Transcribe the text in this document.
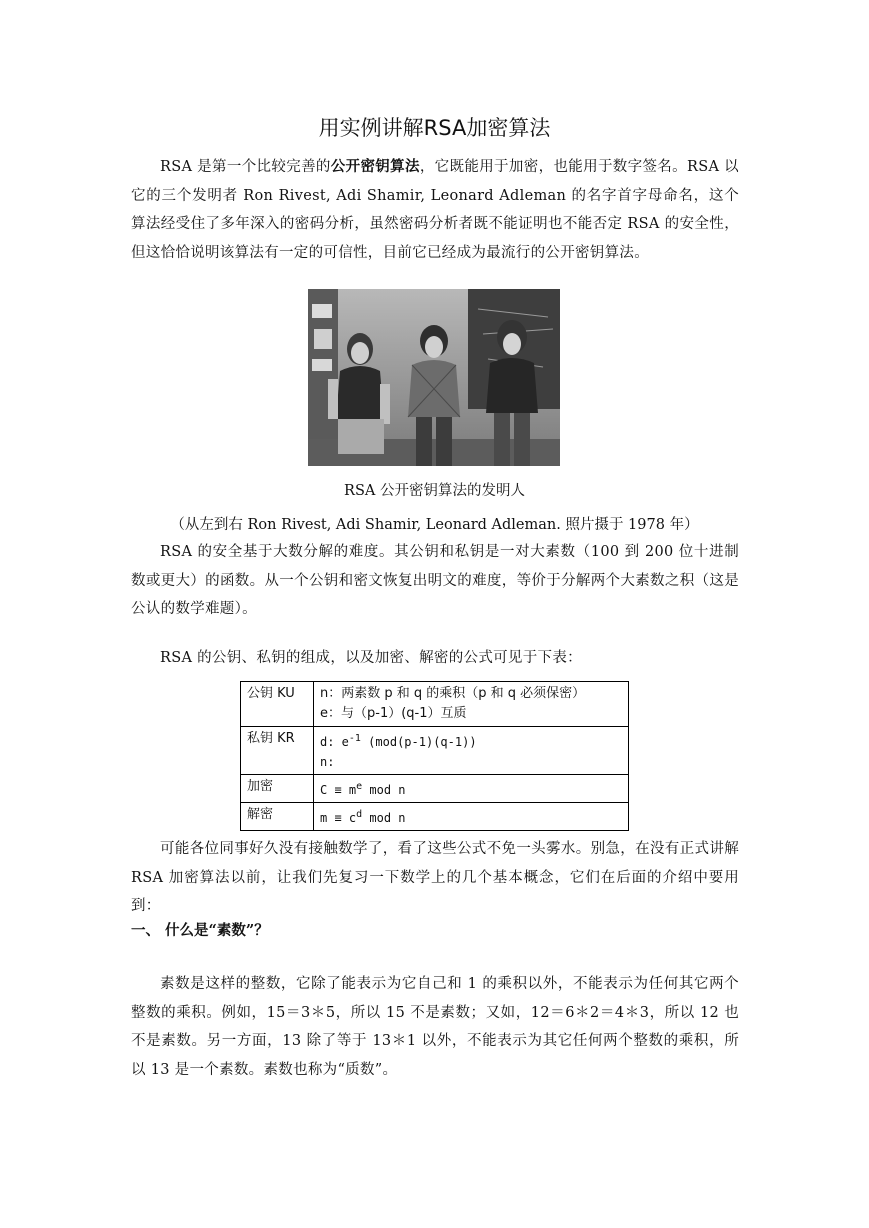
用实例讲解RSA加密算法
RSA 是第一个比较完善的公开密钥算法，它既能用于加密，也能用于数字签名。RSA 以它的三个发明者 Ron Rivest, Adi Shamir, Leonard Adleman 的名字首字母命名，这个算法经受住了多年深入的密码分析，虽然密码分析者既不能证明也不能否定 RSA 的安全性，但这恰恰说明该算法有一定的可信性，目前它已经成为最流行的公开密钥算法。
RSA 公开密钥算法的发明人
（从左到右 Ron Rivest, Adi Shamir, Leonard Adleman. 照片摄于 1978 年）
RSA 的安全基于大数分解的难度。其公钥和私钥是一对大素数（100 到 200 位十进制数或更大）的函数。从一个公钥和密文恢复出明文的难度，等价于分解两个大素数之积（这是公认的数学难题）。
RSA 的公钥、私钥的组成，以及加密、解密的公式可见于下表：
公钥 KU	n：两素数 p 和 q 的乘积（p 和 q 必须保密）
e：与（p-1）(q-1）互质

私钥 KR	d: $e^{-1}$ (mod(p-1)(q-1))
n:

加密	$C \equiv m^e$ mod n
解密	$m \equiv c^d$ mod n
可能各位同事好久没有接触数学了，看了这些公式不免一头雾水。别急，在没有正式讲解 RSA 加密算法以前，让我们先复习一下数学上的几个基本概念，它们在后面的介绍中要用到：
一、 什么是“素数”？
素数是这样的整数，它除了能表示为它自己和 1 的乘积以外，不能表示为任何其它两个整数的乘积。例如，15＝3＊5，所以 15 不是素数；又如，12＝6＊2＝4＊3，所以 12 也不是素数。另一方面，13 除了等于 13＊1 以外，不能表示为其它任何两个整数的乘积，所以 13 是一个素数。素数也称为“质数”。
